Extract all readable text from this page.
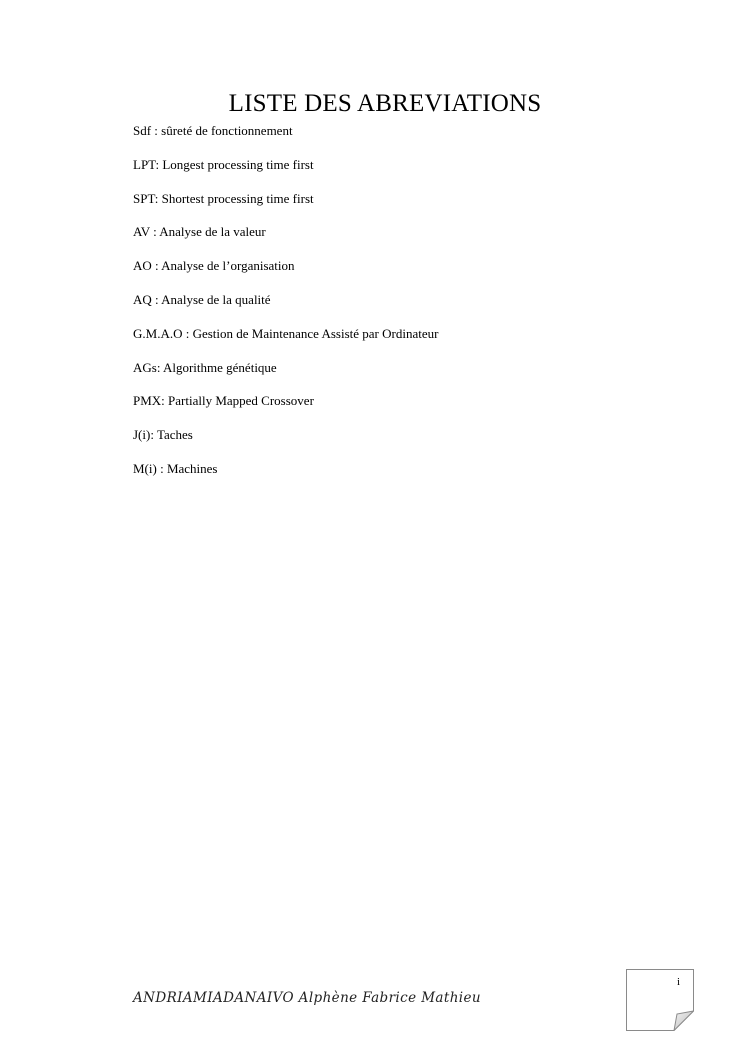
LISTE DES ABREVIATIONS
Sdf : sûreté de fonctionnement
LPT: Longest processing time first
SPT: Shortest processing time first
AV : Analyse de la valeur
AO : Analyse de l’organisation
AQ : Analyse de la qualité
G.M.A.O : Gestion de Maintenance Assisté par Ordinateur
AGs: Algorithme génétique
PMX: Partially Mapped Crossover
J(i): Taches
M(i) : Machines
ANDRIAMIADANAIVO Alphène Fabrice Mathieu
i
